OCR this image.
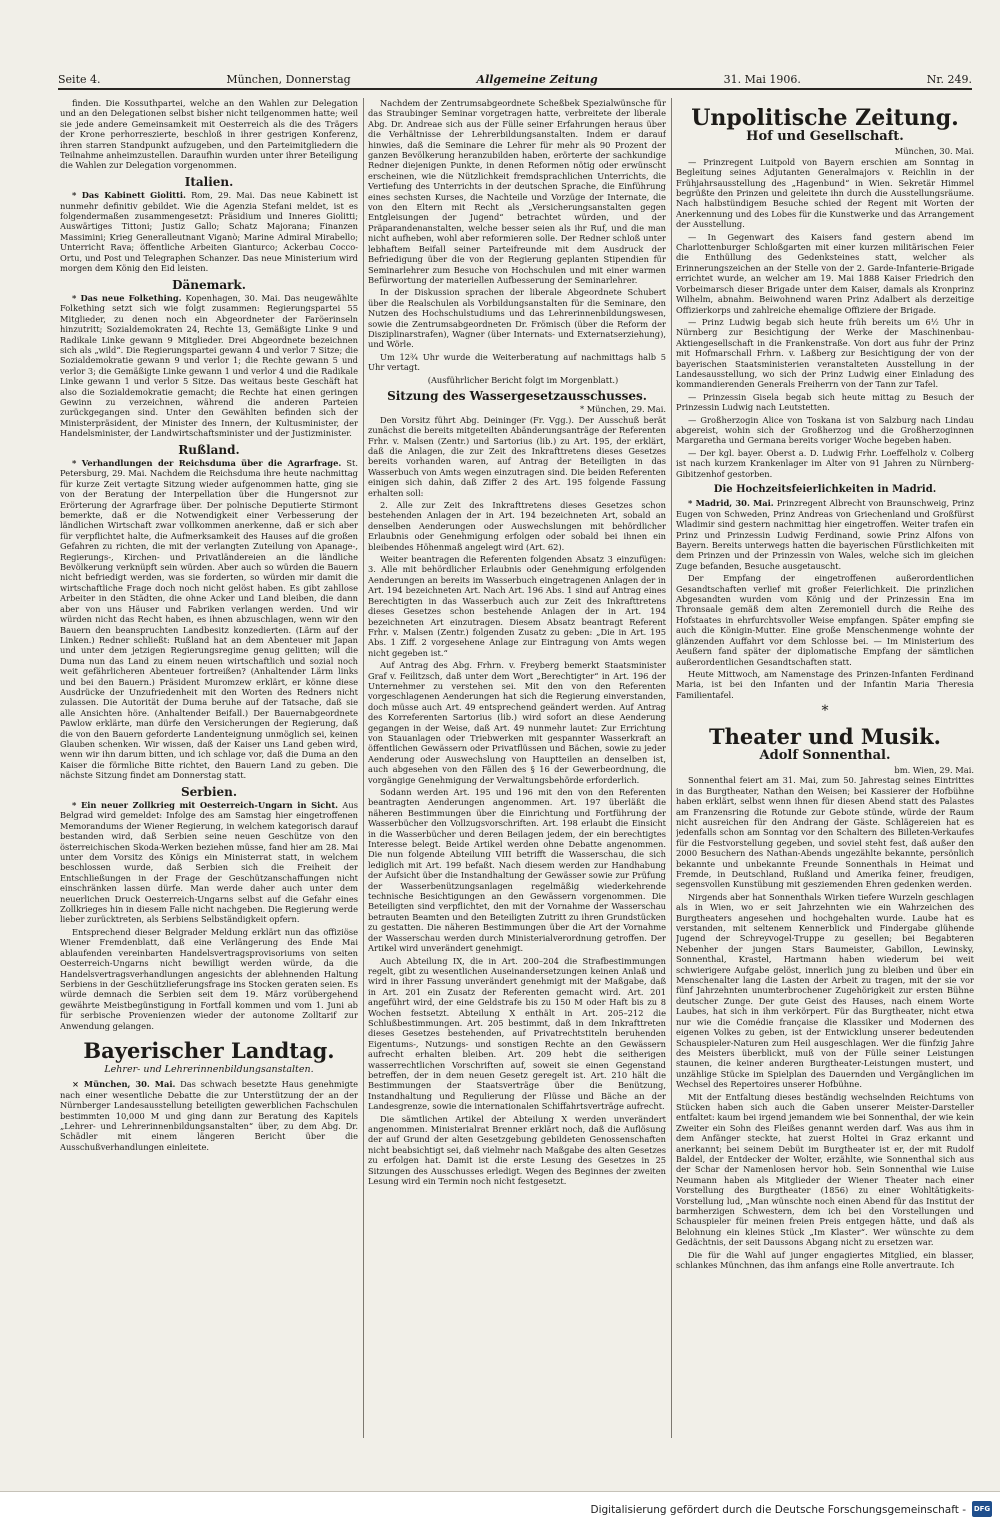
Seite 4.	München, Donnerstag	Allgemeine Zeitung	31. Mai 1906.	Nr. 249.

finden. Die Kossuthpartei, welche an den Wahlen zur Delegation und an den Delegationen selbst bisher nicht teilgenommen hatte; weil sie jede andere Gemeinsamkeit mit Oesterreich als die des Trägers der Krone perhorreszierte, beschloß in ihrer gestrigen Konferenz, ihren starren Standpunkt aufzugeben, und den Parteimitgliedern die Teilnahme anheimzustellen. Daraufhin wurden unter ihrer Beteiligung die Wahlen zur Delegation vorgenommen.

Italien.

* Das Kabinett Giolitti. Rom, 29. Mai. Das neue Kabinett ist nunmehr definitiv gebildet. Wie die Agenzia Stefani meldet, ist es folgendermaßen zusammengesetzt: Präsidium und Inneres Giolitti; Auswärtiges Tittoni; Justiz Gallo; Schatz Majorana; Finanzen Massimini; Krieg Generalleutnant Viganò; Marine Admiral Mirabello; Unterricht Rava; öffentliche Arbeiten Gianturco; Ackerbau Cocco-Ortu, und Post und Telegraphen Schanzer. Das neue Ministerium wird morgen dem König den Eid leisten.

Dänemark.

* Das neue Folkething. Kopenhagen, 30. Mai. Das neugewählte Folkething setzt sich wie folgt zusammen: Regierungspartei 55 Mitglieder, zu denen noch ein Abgeordneter der Faröerinseln hinzutritt; Sozialdemokraten 24, Rechte 13, Gemäßigte Linke 9 und Radikale Linke gewann 9 Mitglieder. Drei Abgeordnete bezeichnen sich als „wild“. Die Regierungspartei gewann 4 und verlor 7 Sitze; die Sozialdemokratie gewann 9 und verlor 1; die Rechte gewann 5 und verlor 3; die Gemäßigte Linke gewann 1 und verlor 4 und die Radikale Linke gewann 1 und verlor 5 Sitze. Das weitaus beste Geschäft hat also die Sozialdemokratie gemacht; die Rechte hat einen geringen Gewinn zu verzeichnen, während die anderen Parteien zurückgegangen sind. Unter den Gewählten befinden sich der Ministerpräsident, der Minister des Innern, der Kultusminister, der Handelsminister, der Landwirtschaftsminister und der Justizminister.

Rußland.

* Verhandlungen der Reichsduma über die Agrarfrage. St. Petersburg, 29. Mai. Nachdem die Reichsduma ihre heute nachmittag für kurze Zeit vertagte Sitzung wieder aufgenommen hatte, ging sie von der Beratung der Interpellation über die Hungersnot zur Erörterung der Agrarfrage über. Der polnische Deputierte Stirmont bemerkte, daß er die Notwendigkeit einer Verbesserung der ländlichen Wirtschaft zwar vollkommen anerkenne, daß er sich aber für verpflichtet halte, die Aufmerksamkeit des Hauses auf die großen Gefahren zu richten, die mit der verlangten Zuteilung von Apanage-, Regierungs-, Kirchen- und Privatländereien an die ländliche Bevölkerung verknüpft sein würden. Aber auch so würden die Bauern nicht befriedigt werden, was sie forderten, so würden mir damit die wirtschaftliche Frage doch noch nicht gelöst haben. Es gibt zahllose Arbeiter in den Städten, die ohne Acker und Land bleiben, die dann aber von uns Häuser und Fabriken verlangen werden. Und wir würden nicht das Recht haben, es ihnen abzuschlagen, wenn wir den Bauern den beanspruchten Landbesitz konzedierten. (Lärm auf der Linken.) Redner schließt: Rußland hat an dem Abenteuer mit Japan und unter dem jetzigen Regierungsregime genug gelitten; will die Duma nun das Land zu einem neuen wirtschaftlich und sozial noch weit gefährlicheren Abenteuer fortreißen? (Anhaltender Lärm links und bei den Bauern.) Präsident Muromzew erklärt, er könne diese Ausdrücke der Unzufriedenheit mit den Worten des Redners nicht zulassen. Die Autorität der Duma beruhe auf der Tatsache, daß sie alle Ansichten höre. (Anhaltender Beifall.) Der Bauernabgeordnete Pawlow erklärte, man dürfe den Versicherungen der Regierung, daß die von den Bauern geforderte Landenteignung unmöglich sei, keinen Glauben schenken. Wir wissen, daß der Kaiser uns Land geben wird, wenn wir ihn darum bitten, und ich schlage vor, daß die Duma an den Kaiser die förmliche Bitte richtet, den Bauern Land zu geben. Die nächste Sitzung findet am Donnerstag statt.

Serbien.

* Ein neuer Zollkrieg mit Oesterreich-Ungarn in Sicht. Aus Belgrad wird gemeldet: Infolge des am Samstag hier eingetroffenen Memorandums der Wiener Regierung, in welchem kategorisch darauf bestanden wird, daß Serbien seine neuen Geschütze von den österreichischen Skoda-Werken beziehen müsse, fand hier am 28. Mai unter dem Vorsitz des Königs ein Ministerrat statt, in welchem beschlossen wurde, daß Serbien sich die Freiheit der Entschließungen in der Frage der Geschützanschaffungen nicht einschränken lassen dürfe. Man werde daher auch unter dem neuerlichen Druck Oesterreich-Ungarns selbst auf die Gefahr eines Zollkrieges hin in diesem Falle nicht nachgeben. Die Regierung werde lieber zurücktreten, als Serbiens Selbständigkeit opfern.

Entsprechend dieser Belgrader Meldung erklärt nun das offiziöse Wiener Fremdenblatt, daß eine Verlängerung des Ende Mai ablaufenden vereinbarten Handelsvertragsprovisoriums von seiten Oesterreich-Ungarns nicht bewilligt werden würde, da die Handelsvertragsverhandlungen angesichts der ablehnenden Haltung Serbiens in der Geschützlieferungsfrage ins Stocken geraten seien. Es würde demnach die Serbien seit dem 19. März vorübergehend gewährte Meistbegünstigung in Fortfall kommen und vom 1. Juni ab für serbische Provenienzen wieder der autonome Zolltarif zur Anwendung gelangen.

Bayerischer Landtag.
Lehrer- und Lehrerinnenbildungsanstalten.

× München, 30. Mai. Das schwach besetzte Haus genehmigte nach einer wesentliche Debatte die zur Unterstützung der an der Nürnberger Landesausstellung beteiligten gewerblichen Fachschulen bestimmten 10,000 M und ging dann zur Beratung des Kapitels „Lehrer- und Lehrerinnenbildungsanstalten“ über, zu dem Abg. Dr. Schädler mit einem längeren Bericht über die Ausschußverhandlungen einleitete.

Nachdem der Zentrumsabgeordnete Scheßbek Spezialwünsche für das Straubinger Seminar vorgetragen hatte, verbreitete der liberale Abg. Dr. Andreae sich aus der Fülle seiner Erfahrungen heraus über die Verhältnisse der Lehrerbildungsanstalten. Indem er darauf hinwies, daß die Seminare die Lehrer für mehr als 90 Prozent der ganzen Bevölkerung heranzubilden haben, erörterte der sachkundige Redner diejenigen Punkte, in denen Reformen nötig oder erwünscht erscheinen, wie die Nützlichkeit fremdsprachlichen Unterrichts, die Vertiefung des Unterrichts in der deutschen Sprache, die Einführung eines sechsten Kurses, die Nachteile und Vorzüge der Internate, die von den Eltern mit Recht als „Versicherungsanstalten gegen Entgleisungen der Jugend“ betrachtet würden, und der Präparandenanstalten, welche besser seien als ihr Ruf, und die man nicht aufheben, wohl aber reformieren solle. Der Redner schloß unter lebhaftem Beifall seiner Parteifreunde mit dem Ausdruck der Befriedigung über die von der Regierung geplanten Stipendien für Seminarlehrer zum Besuche von Hochschulen und mit einer warmen Befürwortung der materiellen Aufbesserung der Seminarlehrer.

In der Diskussion sprachen der liberale Abgeordnete Schubert über die Realschulen als Vorbildungsanstalten für die Seminare, den Nutzen des Hochschulstudiums und das Lehrerinnenbildungswesen, sowie die Zentrumsabgeordneten Dr. Frömisch (über die Reform der Disziplinarstrafen), Wagner (über Internats- und Externatserziehung), und Wörle.

Um 12¾ Uhr wurde die Weiterberatung auf nachmittags halb 5 Uhr vertagt.

(Ausführlicher Bericht folgt im Morgenblatt.)

Sitzung des Wassergesetzausschusses.
* München, 29. Mai.

Den Vorsitz führt Abg. Deininger (Fr. Vgg.). Der Ausschuß berät zunächst die bereits mitgeteilten Abänderungsanträge der Referenten Frhr. v. Malsen (Zentr.) und Sartorius (lib.) zu Art. 195, der erklärt, daß die Anlagen, die zur Zeit des Inkrafttretens dieses Gesetzes bereits vorhanden waren, auf Antrag der Beteiligten in das Wasserbuch von Amts wegen einzutragen sind. Die beiden Referenten einigen sich dahin, daß Ziffer 2 des Art. 195 folgende Fassung erhalten soll:

2. Alle zur Zeit des Inkrafttretens dieses Gesetzes schon bestehenden Anlagen der in Art. 194 bezeichneten Art, sobald an denselben Aenderungen oder Auswechslungen mit behördlicher Erlaubnis oder Genehmigung erfolgen oder sobald bei ihnen ein bleibendes Höhenmaß angelegt wird (Art. 62).

Weiter beantragen die Referenten folgenden Absatz 3 einzufügen: 3. Alle mit behördlicher Erlaubnis oder Genehmigung erfolgenden Aenderungen an bereits im Wasserbuch eingetragenen Anlagen der in Art. 194 bezeichneten Art. Nach Art. 196 Abs. 1 sind auf Antrag eines Berechtigten in das Wasserbuch auch zur Zeit des Inkrafttretens dieses Gesetzes schon bestehende Anlagen der in Art. 194 bezeichneten Art einzutragen. Diesem Absatz beantragt Referent Frhr. v. Malsen (Zentr.) folgenden Zusatz zu geben: „Die in Art. 195 Abs. 1 Ziff. 2 vorgesehene Anlage zur Eintragung von Amts wegen nicht gegeben ist.“

Auf Antrag des Abg. Frhrn. v. Freyberg bemerkt Staatsminister Graf v. Feilitzsch, daß unter dem Wort „Berechtigter“ in Art. 196 der Unternehmer zu verstehen sei. Mit den von den Referenten vorgeschlagenen Aenderungen hat sich die Regierung einverstanden, doch müsse auch Art. 49 entsprechend geändert werden. Auf Antrag des Korreferenten Sartorius (lib.) wird sofort an diese Aenderung gegangen in der Weise, daß Art. 49 nunmehr lautet: Zur Errichtung von Stauanlagen oder Triebwerken mit gespannter Wasserkraft an öffentlichen Gewässern oder Privatflüssen und Bächen, sowie zu jeder Aenderung oder Auswechslung von Hauptteilen an denselben ist, auch abgesehen von den Fällen des § 16 der Gewerbeordnung, die vorgängige Genehmigung der Verwaltungsbehörde erforderlich.

Sodann werden Art. 195 und 196 mit den von den Referenten beantragten Aenderungen angenommen. Art. 197 überläßt die näheren Bestimmungen über die Einrichtung und Fortführung der Wasserbücher den Vollzugsvorschriften. Art. 198 erlaubt die Einsicht in die Wasserbücher und deren Beilagen jedem, der ein berechtigtes Interesse belegt. Beide Artikel werden ohne Debatte angenommen. Die nun folgende Abteilung VIII betrifft die Wasserschau, die sich lediglich mit Art. 199 befaßt. Nach diesem werden zur Handhabung der Aufsicht über die Instandhaltung der Gewässer sowie zur Prüfung der Wasserbenützungsanlagen regelmäßig wiederkehrende technische Besichtigungen an den Gewässern vorgenommen. Die Beteiligten sind verpflichtet, den mit der Vornahme der Wasserschau betrauten Beamten und den Beteiligten Zutritt zu ihren Grundstücken zu gestatten. Die näheren Bestimmungen über die Art der Vornahme der Wasserschau werden durch Ministerialverordnung getroffen. Der Artikel wird unverändert genehmigt.

Auch Abteilung IX, die in Art. 200–204 die Strafbestimmungen regelt, gibt zu wesentlichen Auseinandersetzungen keinen Anlaß und wird in ihrer Fassung unverändert genehmigt mit der Maßgabe, daß in Art. 201 ein Zusatz der Referenten gemacht wird. Art. 201 angeführt wird, der eine Geldstrafe bis zu 150 M oder Haft bis zu 8 Wochen festsetzt. Abteilung X enthält in Art. 205–212 die Schlußbestimmungen. Art. 205 bestimmt, daß in dem Inkrafttreten dieses Gesetzes bestehenden, auf Privatrechtstiteln beruhenden Eigentums-, Nutzungs- und sonstigen Rechte an den Gewässern aufrecht erhalten bleiben. Art. 209 hebt die seitherigen wasserrechtlichen Vorschriften auf, soweit sie einen Gegenstand betreffen, der in dem neuen Gesetz geregelt ist. Art. 210 hält die Bestimmungen der Staatsverträge über die Benützung, Instandhaltung und Regulierung der Flüsse und Bäche an der Landesgrenze, sowie die internationalen Schiffahrtsverträge aufrecht.

Die sämtlichen Artikel der Abteilung X werden unverändert angenommen. Ministerialrat Brenner erklärt noch, daß die Auflösung der auf Grund der alten Gesetzgebung gebildeten Genossenschaften nicht beabsichtigt sei, daß vielmehr nach Maßgabe des alten Gesetzes zu erfolgen hat. Damit ist die erste Lesung des Gesetzes in 25 Sitzungen des Ausschusses erledigt. Wegen des Beginnes der zweiten Lesung wird ein Termin noch nicht festgesetzt.

Unpolitische Zeitung.
Hof und Gesellschaft.
München, 30. Mai.

— Prinzregent Luitpold von Bayern erschien am Sonntag in Begleitung seines Adjutanten Generalmajors v. Reichlin in der Frühjahrsausstellung des „Hagenbund“ in Wien. Sekretär Himmel begrüßte den Prinzen und geleitete ihn durch die Ausstellungsräume. Nach halbstündigem Besuche schied der Regent mit Worten der Anerkennung und des Lobes für die Kunstwerke und das Arrangement der Ausstellung.

— In Gegenwart des Kaisers fand gestern abend im Charlottenburger Schloßgarten mit einer kurzen militärischen Feier die Enthüllung des Gedenksteines statt, welcher als Erinnerungszeichen an der Stelle von der 2. Garde-Infanterie-Brigade errichtet wurde, an welcher am 19. Mai 1888 Kaiser Friedrich den Vorbeimarsch dieser Brigade unter dem Kaiser, damals als Kronprinz Wilhelm, abnahm. Beiwohnend waren Prinz Adalbert als derzeitige Offizierkorps und zahlreiche ehemalige Offiziere der Brigade.

— Prinz Ludwig begab sich heute früh bereits um 6½ Uhr in Nürnberg zur Besichtigung der Werke der Maschinenbau-Aktiengesellschaft in die Frankenstraße. Von dort aus fuhr der Prinz mit Hofmarschall Frhrn. v. Laßberg zur Besichtigung der von der bayerischen Staatsministerien veranstalteten Ausstellung in der Landesausstellung, wo sich der Prinz Ludwig einer Einladung des kommandierenden Generals Freiherrn von der Tann zur Tafel.

— Prinzessin Gisela begab sich heute mittag zu Besuch der Prinzessin Ludwig nach Leutstetten.

— Großherzogin Alice von Toskana ist von Salzburg nach Lindau abgereist, wohin sich der Großherzog und die Großherzoginnen Margaretha und Germana bereits voriger Woche begeben haben.

— Der kgl. bayer. Oberst a. D. Ludwig Frhr. Loeffelholz v. Colberg ist nach kurzem Krankenlager im Alter von 91 Jahren zu Nürnberg-Gibitzenhof gestorben.

Die Hochzeitsfeierlichkeiten in Madrid.

* Madrid, 30. Mai. Prinzregent Albrecht von Braunschweig, Prinz Eugen von Schweden, Prinz Andreas von Griechenland und Großfürst Wladimir sind gestern nachmittag hier eingetroffen. Weiter trafen ein Prinz und Prinzessin Ludwig Ferdinand, sowie Prinz Alfons von Bayern. Bereits unterwegs hatten die bayerischen Fürstlichkeiten mit dem Prinzen und der Prinzessin von Wales, welche sich im gleichen Zuge befanden, Besuche ausgetauscht.

Der Empfang der eingetroffenen außerordentlichen Gesandtschaften verlief mit großer Feierlichkeit. Die prinzlichen Abgesandten wurden vom König und der Prinzessin Ena im Thronsaale gemäß dem alten Zeremoniell durch die Reihe des Hofstaates in ehrfurchtsvoller Weise empfangen. Später empfing sie auch die Königin-Mutter. Eine große Menschenmenge wohnte der glänzenden Auffahrt vor dem Schlosse bei. — Im Ministerium des Aeußern fand später der diplomatische Empfang der sämtlichen außerordentlichen Gesandtschaften statt.

Heute Mittwoch, am Namenstage des Prinzen-Infanten Ferdinand Maria, ist bei den Infanten und der Infantin Maria Theresia Familientafel.

*
Theater und Musik.
Adolf Sonnenthal.
bm. Wien, 29. Mai.

Sonnenthal feiert am 31. Mai, zum 50. Jahrestag seines Eintrittes in das Burgtheater, Nathan den Weisen; bei Kassierer der Hofbühne haben erklärt, selbst wenn ihnen für diesen Abend statt des Palastes am Franzensring die Rotunde zur Gebote stünde, würde der Raum nicht ausreichen für den Andrang der Gäste. Schlägereien hat es jedenfalls schon am Sonntag vor den Schaltern des Billeten-Verkaufes für die Festvorstellung gegeben, und soviel steht fest, daß außer den 2000 Besuchern des Nathan-Abends ungezählte bekannte, persönlich bekannte und unbekannte Freunde Sonnenthals in Heimat und Fremde, in Deutschland, Rußland und Amerika feiner, freudigen, segensvollen Kunstübung mit gesziemenden Ehren gedenken werden.

Nirgends aber hat Sonnenthals Wirken tiefere Wurzeln geschlagen als in Wien, wo er seit Jahrzehnten wie ein Wahrzeichen des Burgtheaters angesehen und hochgehalten wurde. Laube hat es verstanden, mit seltenem Kennerblick und Findergabe glühende Jugend der Schreyvogel-Truppe zu gesellen; bei Begabteren Nebenher der jungen Stars Baumeister, Gabillon, Lewinsky, Sonnenthal, Krastel, Hartmann haben wiederum bei weit schwierigere Aufgabe gelöst, innerlich jung zu bleiben und über ein Menschenalter lang die Lasten der Arbeit zu tragen, mit der sie vor fünf Jahrzehnten unumterbrochener Zugehörigkeit zur ersten Bühne deutscher Zunge. Der gute Geist des Hauses, nach einem Worte Laubes, hat sich in ihm verkörpert. Für das Burgtheater, nicht etwa nur wie die Comédie française die Klassiker und Modernen des eigenen Volkes zu geben, ist der Entwicklung unserer bedeutenden Schauspieler-Naturen zum Heil ausgeschlagen. Wer die fünfzig Jahre des Meisters überblickt, muß von der Fülle seiner Leistungen staunen, die keiner anderen Burgtheater-Leistungen mustert, und unzählige Stücke im Spielplan des Dauernden und Vergänglichen im Wechsel des Repertoires unserer Hofbühne.

Mit der Entfaltung dieses beständig wechselnden Reichtums von Stücken haben sich auch die Gaben unserer Meister-Darsteller entfaltet: kaum bei irgend jemandem wie bei Sonnenthal, der wie kein Zweiter ein Sohn des Fleißes genannt werden darf. Was aus ihm in dem Anfänger steckte, hat zuerst Holtei in Graz erkannt und anerkannt; bei seinem Debüt im Burgtheater ist er, der mit Rudolf Baldel, der Entdecker der Wolter, erzählte, wie Sonnenthal sich aus der Schar der Namenlosen hervor hob. Sein Sonnenthal wie Luise Neumann haben als Mitglieder der Wiener Theater nach einer Vorstellung des Burgtheater (1856) zu einer Wohltätigkeits-Vorstellung lud, „Man wünschte noch einen Abend für das Institut der barmherzigen Schwestern, dem ich bei den Vorstellungen und Schauspieler für meinen freien Preis entgegen hätte, und daß als Belohnung ein kleines Stück „Im Klaster“. Wer wünschte zu dem Gedächtnis, der seit Daussons Abgang nicht zu ersetzen war.

Die für die Wahl auf junger engagiertes Mitglied, ein blasser, schlankes Münchnen, das ihm anfangs eine Rolle anvertraute. Ich

Digitalisierung gefördert durch die Deutsche Forschungsgemeinschaft - DFG
